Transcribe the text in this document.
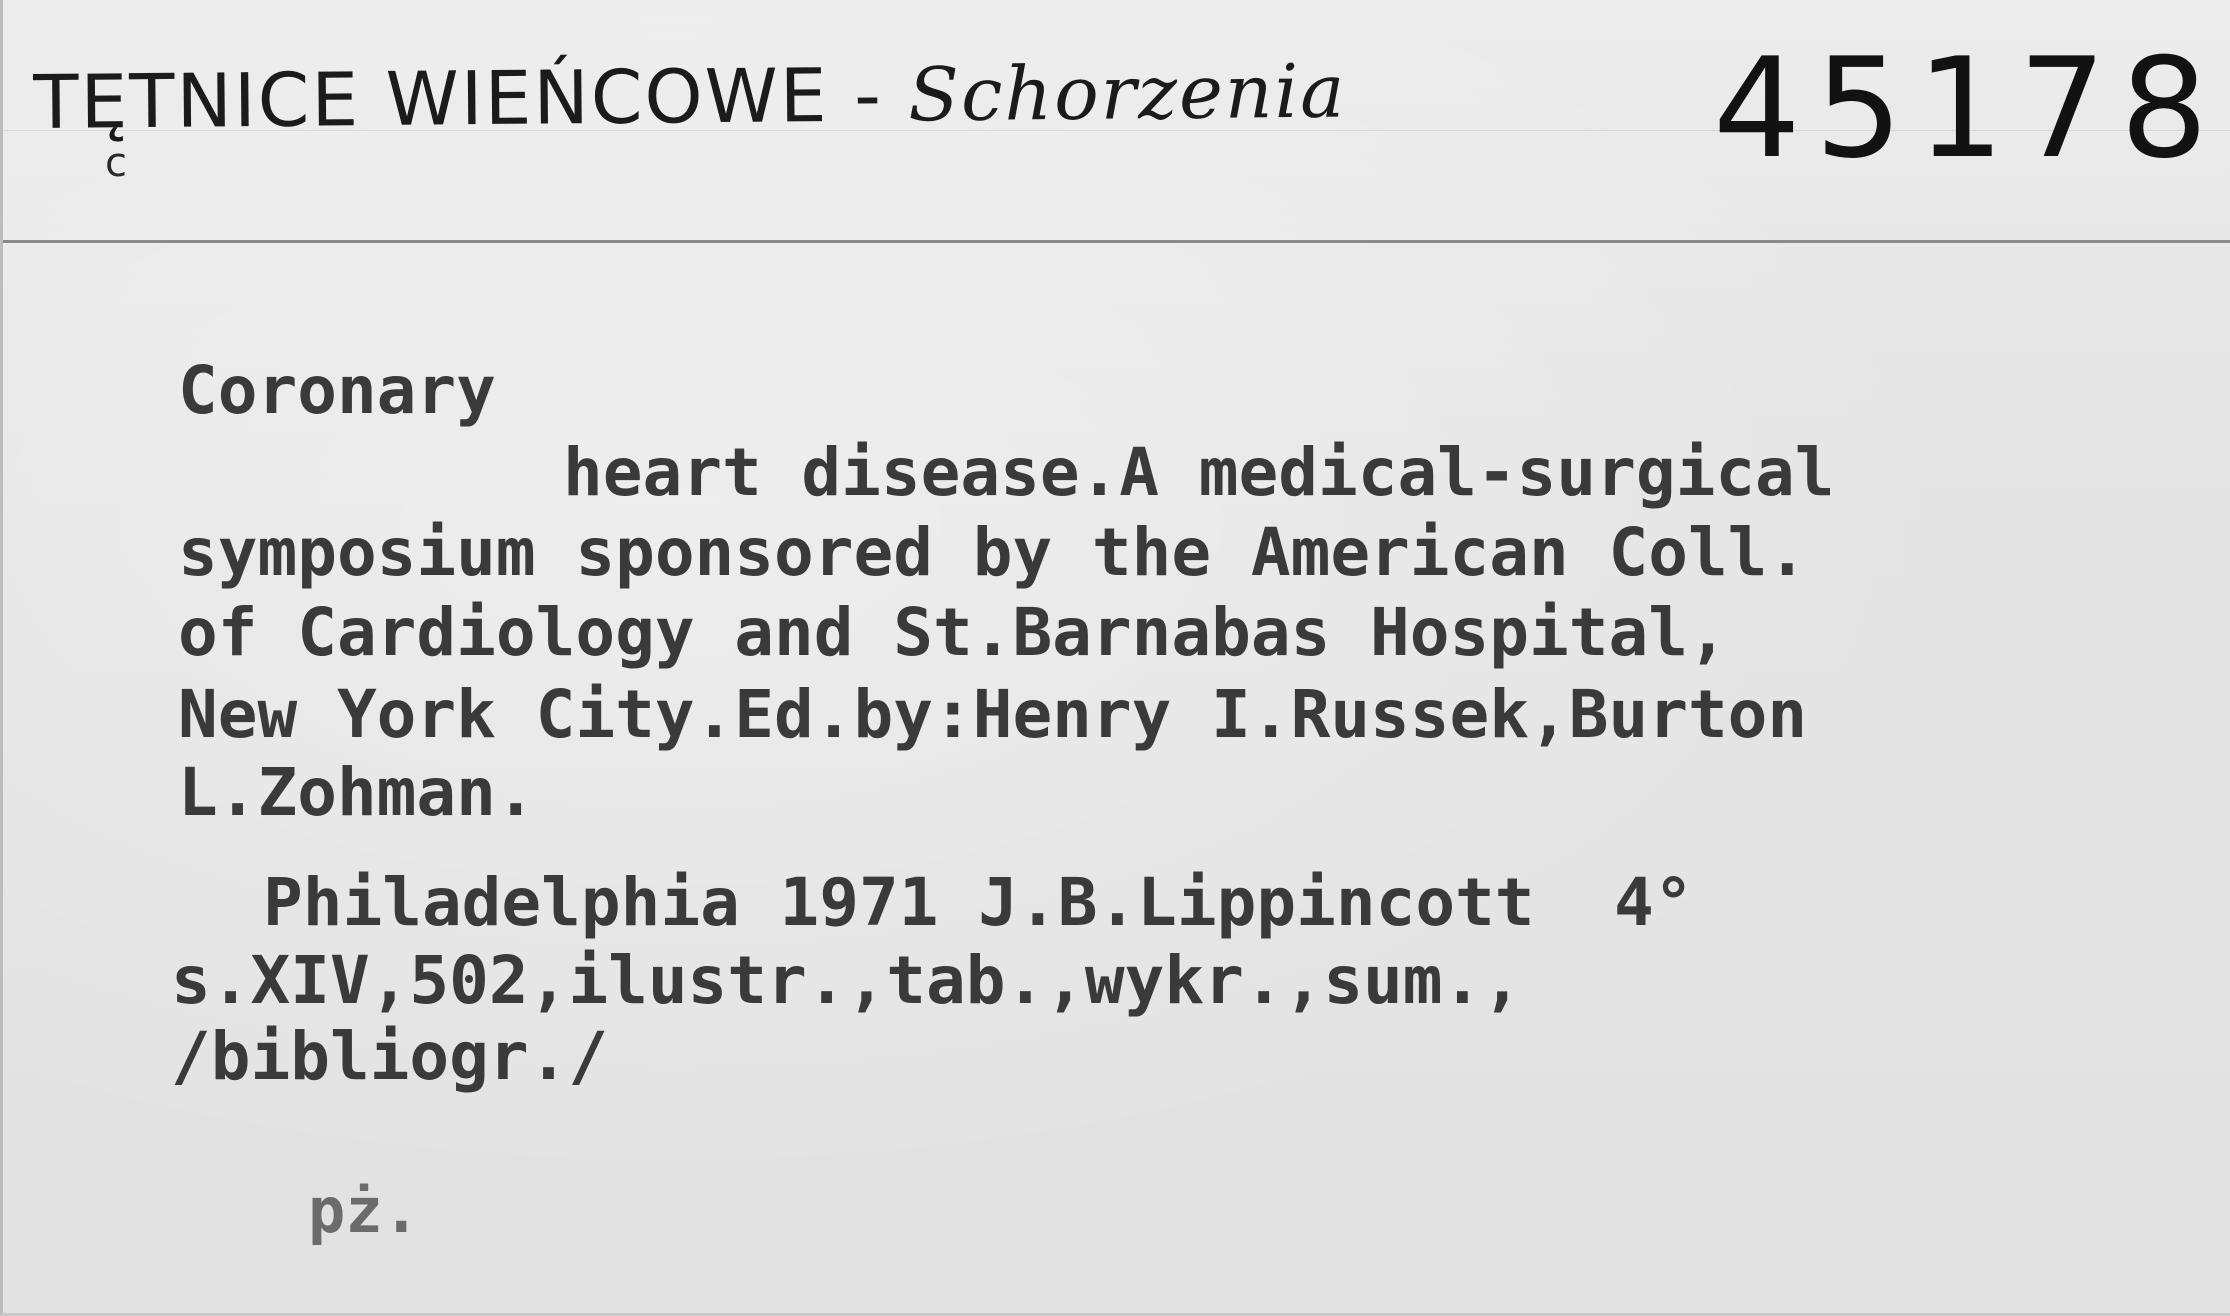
TĘTNICE WIEŃCOWE - Schorzenia
c	45178
Coronary
heart disease.A medical-surgical
symposium sponsored by the American Coll.
of Cardiology and St.Barnabas Hospital,
New York City.Ed.by:Henry I.Russek,Burton
L.Zohman.
Philadelphia 1971 J.B.Lippincott  4°
s.XIV,502,ilustr.,tab.,wykr.,sum.,
/bibliogr./
pż.
